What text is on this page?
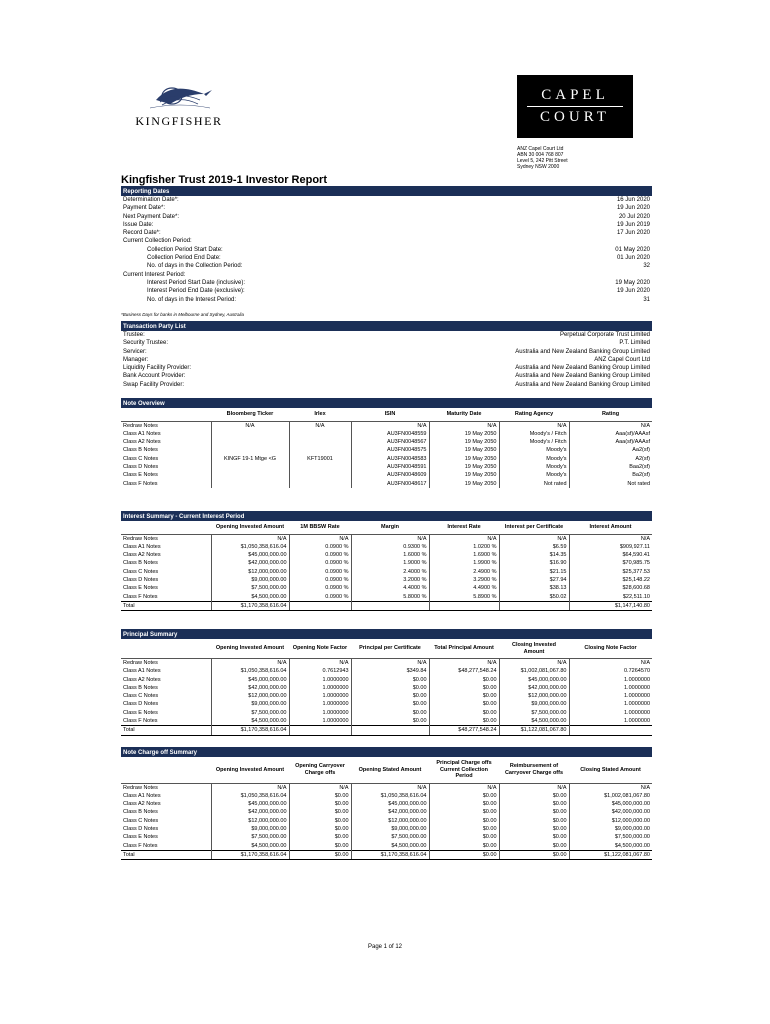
KINGFISHER
CAPEL
COURT
ANZ Capel Court Ltd
ABN 30 004 768 807
Level 5, 242 Pitt Street
Sydney NSW 2000
Kingfisher Trust 2019-1 Investor Report
Reporting Dates
Determination Date*:	16 Jun 2020
Payment Date*:	19 Jun 2020
Next Payment Date*:	20 Jul 2020
Issue Date:	19 Jun 2019
Record Date*:	17 Jun 2020
Current Collection Period:
Collection Period Start Date:	01 May 2020
Collection Period End Date:	01 Jun 2020
No. of days in the Collection Period:	32
Current Interest Period:
Interest Period Start Date (inclusive):	19 May 2020
Interest Period End Date (exclusive):	19 Jun 2020
No. of days in the Interest Period:	31
*Business Days for banks in Melbourne and Sydney, Australia
Transaction Party List
Trustee:	Perpetual Corporate Trust Limited
Security Trustee:	P.T. Limited
Servicer:	Australia and New Zealand Banking Group Limited
Manager:	ANZ Capel Court Ltd
Liquidity Facility Provider:	Australia and New Zealand Banking Group Limited
Bank Account Provider:	Australia and New Zealand Banking Group Limited
Swap Facility Provider:	Australia and New Zealand Banking Group Limited
Note Overview
	Bloomberg Ticker	Irlex	ISIN	Maturity Date	Rating Agency	Rating
Redraw Notes	N/A	N/A	N/A	N/A	N/A	N/A
Class A1 Notes			AU3FN0048559	19 May 2050	Moody's / Fitch	Aaa(sf)/AAAsf
Class A2 Notes			AU3FN0048567	19 May 2050	Moody's / Fitch	Aaa(sf)/AAAsf
Class B Notes			AU3FN0048575	19 May 2050	Moody's	Aa2(sf)
Class C Notes	KINGF 19-1 Mtge <G	KFT19001	AU3FN0048583	19 May 2050	Moody's	A2(sf)
Class D Notes			AU3FN0048591	19 May 2050	Moody's	Baa2(sf)
Class E Notes			AU3FN0048609	19 May 2050	Moody's	Ba2(sf)
Class F Notes			AU3FN0048617	19 May 2050	Not rated	Not rated
Interest Summary - Current Interest Period
	Opening Invested Amount	1M BBSW Rate	Margin	Interest Rate	Interest per Certificate	Interest Amount
Redraw Notes	N/A	N/A	N/A	N/A	N/A	N/A
Class A1 Notes	$1,050,358,616.04	0.0900 %	0.9300 %	1.0200 %	$6.59	$909,927.11
Class A2 Notes	$45,000,000.00	0.0900 %	1.6000 %	1.6900 %	$14.35	$64,590.41
Class B Notes	$42,000,000.00	0.0900 %	1.9000 %	1.9900 %	$16.90	$70,985.75
Class C Notes	$12,000,000.00	0.0900 %	2.4000 %	2.4900 %	$21.15	$25,377.53
Class D Notes	$9,000,000.00	0.0900 %	3.2000 %	3.2900 %	$27.94	$25,148.22
Class E Notes	$7,500,000.00	0.0900 %	4.4000 %	4.4900 %	$38.13	$28,600.68
Class F Notes	$4,500,000.00	0.0900 %	5.8000 %	5.8900 %	$50.02	$22,511.10
Total	$1,170,358,616.04					$1,147,140.80
Principal Summary
	Opening Invested Amount	Opening Note Factor	Principal per Certificate	Total Principal Amount	Closing Invested Amount	Closing Note Factor
Redraw Notes	N/A	N/A	N/A	N/A	N/A	N/A
Class A1 Notes	$1,050,358,616.04	0.7612943	$349.84	$48,277,548.24	$1,002,081,067.80	0.7264570
Class A2 Notes	$45,000,000.00	1.0000000	$0.00	$0.00	$45,000,000.00	1.0000000
Class B Notes	$42,000,000.00	1.0000000	$0.00	$0.00	$42,000,000.00	1.0000000
Class C Notes	$12,000,000.00	1.0000000	$0.00	$0.00	$12,000,000.00	1.0000000
Class D Notes	$9,000,000.00	1.0000000	$0.00	$0.00	$9,000,000.00	1.0000000
Class E Notes	$7,500,000.00	1.0000000	$0.00	$0.00	$7,500,000.00	1.0000000
Class F Notes	$4,500,000.00	1.0000000	$0.00	$0.00	$4,500,000.00	1.0000000
Total	$1,170,358,616.04			$48,277,548.24	$1,122,081,067.80	
Note Charge off Summary
	Opening Invested Amount	Opening Carryover Charge offs	Opening Stated Amount	Principal Charge offs Current Collection Period	Reimbursement of Carryover Charge offs	Closing Stated Amount
Redraw Notes	N/A	N/A	N/A	N/A	N/A	N/A
Class A1 Notes	$1,050,358,616.04	$0.00	$1,050,358,616.04	$0.00	$0.00	$1,002,081,067.80
Class A2 Notes	$45,000,000.00	$0.00	$45,000,000.00	$0.00	$0.00	$45,000,000.00
Class B Notes	$42,000,000.00	$0.00	$42,000,000.00	$0.00	$0.00	$42,000,000.00
Class C Notes	$12,000,000.00	$0.00	$12,000,000.00	$0.00	$0.00	$12,000,000.00
Class D Notes	$9,000,000.00	$0.00	$9,000,000.00	$0.00	$0.00	$9,000,000.00
Class E Notes	$7,500,000.00	$0.00	$7,500,000.00	$0.00	$0.00	$7,500,000.00
Class F Notes	$4,500,000.00	$0.00	$4,500,000.00	$0.00	$0.00	$4,500,000.00
Total	$1,170,358,616.04	$0.00	$1,170,358,616.04	$0.00	$0.00	$1,122,081,067.80
Page 1 of 12
